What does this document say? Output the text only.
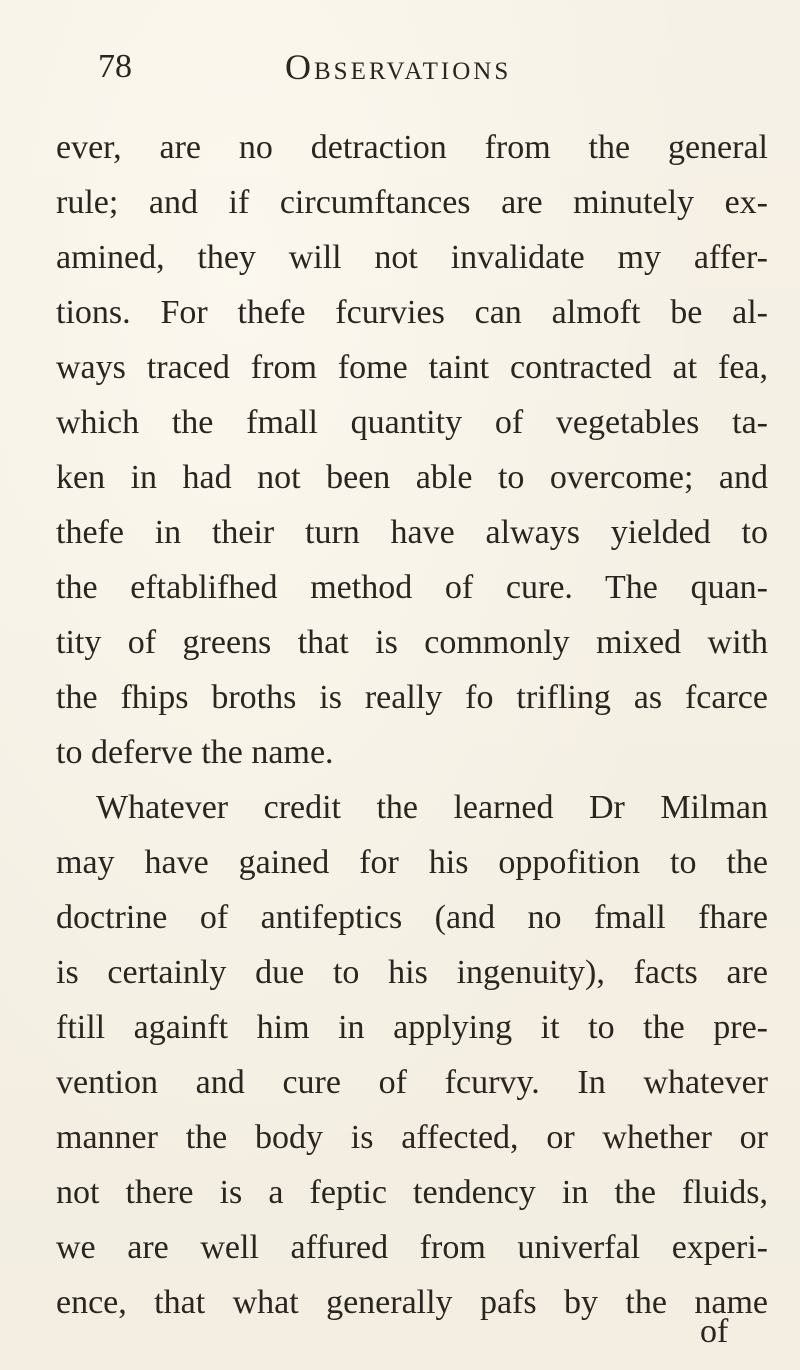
78	Observations
ever, are no detraction from the general
rule; and if circumftances are minutely ex-
amined, they will not invalidate my affer-
tions. For thefe fcurvies can almoft be al-
ways traced from fome taint contracted at fea,
which the fmall quantity of vegetables ta-
ken in had not been able to overcome; and
thefe in their turn have always yielded to
the eftablifhed method of cure. The quan-
tity of greens that is commonly mixed with
the fhips broths is really fo trifling as fcarce
to deferve the name.
Whatever credit the learned Dr Milman
may have gained for his oppofition to the
doctrine of antifeptics (and no fmall fhare
is certainly due to his ingenuity), facts are
ftill againft him in applying it to the pre-
vention and cure of fcurvy. In whatever
manner the body is affected, or whether or
not there is a feptic tendency in the fluids,
we are well affured from univerfal experi-
ence, that what generally pafs by the name
of
